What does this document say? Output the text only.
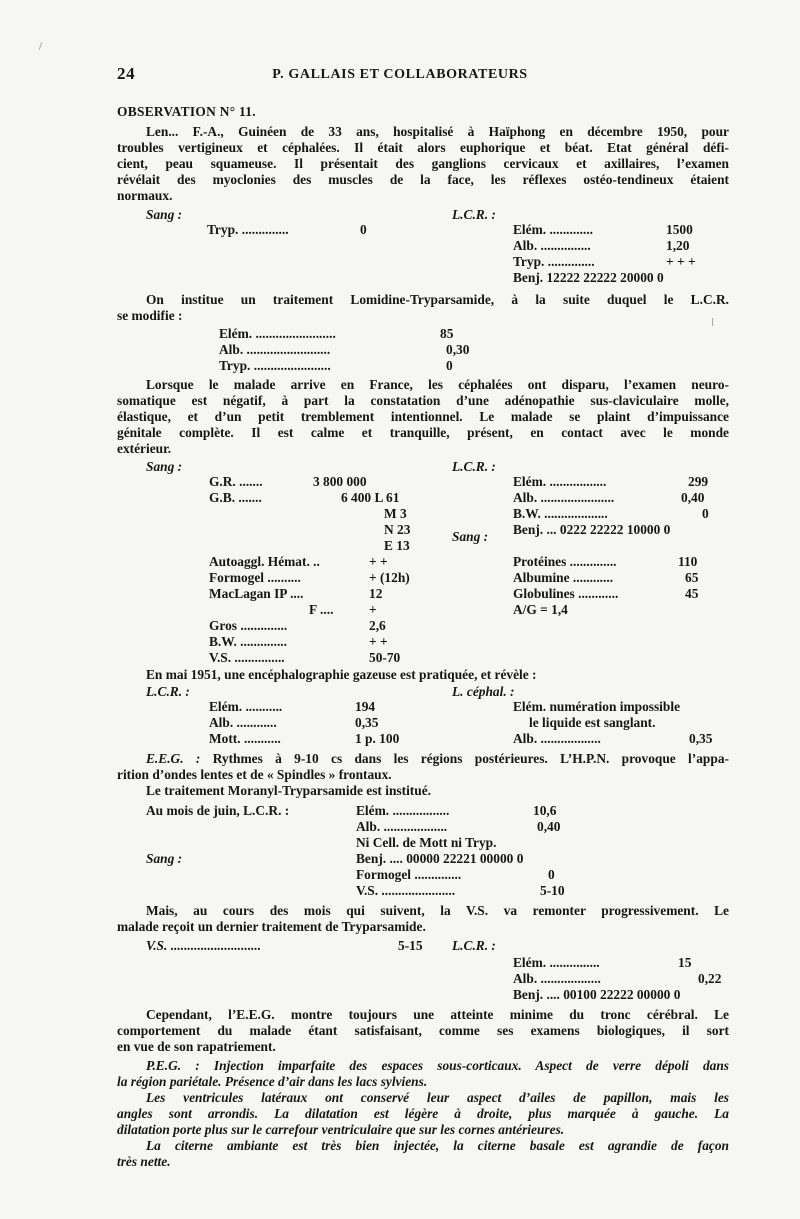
24	P. GALLAIS ET COLLABORATEURS
OBSERVATION N° 11.
Len... F.-A., Guinéen de 33 ans, hospitalisé à Haïphong en décembre 1950, pour
troubles vertigineux et céphalées. Il était alors euphorique et béat. Etat général défi-
cient, peau squameuse. Il présentait des ganglions cervicaux et axillaires, l’examen
révélait des myoclonies des muscles de la face, les réflexes ostéo-tendineux étaient
normaux.
Sang :	L.C.R. :
Tryp. ..............	0	Elém. .............	1500
Alb. ...............	1,20
Tryp. ..............	+ + +
Benj. 12222 22222 20000 0
On institue un traitement Lomidine-Tryparsamide, à la suite duquel le L.C.R.
se modifie :
Elém. ........................	85
Alb. .........................	0,30
Tryp. .......................	0
Lorsque le malade arrive en France, les céphalées ont disparu, l’examen neuro-
somatique est négatif, à part la constatation d’une adénopathie sus-claviculaire molle,
élastique, et d’un petit tremblement intentionnel. Le malade se plaint d’impuissance
génitale complète. Il est calme et tranquille, présent, en contact avec le monde
extérieur.
Sang :	L.C.R. :
Sang :
G.R. .......	3 800 000
G.B. .......	6 400 L 61
M 3
N 23
E 13
Autoaggl. Hémat. ..	+ +
Formogel ..........	+ (12h)
MacLagan IP ....	12
F ....	+
Gros ..............	2,6
B.W. ..............	+ +
V.S. ...............	50-70
Elém. .................	299
Alb. ......................	0,40
B.W. ...................	0
Benj. ... 0222 22222 10000 0
Protéines ..............	110
Albumine ............	65
Globulines ............	45
A/G = 1,4
En mai 1951, une encéphalographie gazeuse est pratiquée, et révèle :
L.C.R. :	L. céphal. :
Elém. ...........	194
Alb. ............	0,35
Mott. ...........	1 p. 100
Elém. numération impossible
le liquide est sanglant.
Alb. ..................	0,35
E.E.G. : Rythmes à 9-10 cs dans les régions postérieures. L’H.P.N. provoque l’appa-
rition d’ondes lentes et de « Spindles » frontaux.
Le traitement Moranyl-Tryparsamide est institué.
Au mois de juin, L.C.R. :
Sang :
Elém. .................	10,6
Alb. ...................	0,40
Ni Cell. de Mott ni Tryp.
Benj. .... 00000 22221 00000 0
Formogel ..............	0
V.S. ......................	5-10
Mais, au cours des mois qui suivent, la V.S. va remonter progressivement. Le
malade reçoit un dernier traitement de Tryparsamide.
V.S. ...........................	5-15 L.C.R. :
Elém. ...............	15
Alb. ..................	0,22
Benj. .... 00100 22222 00000 0
Cependant, l’E.E.G. montre toujours une atteinte minime du tronc cérébral. Le
comportement du malade étant satisfaisant, comme ses examens biologiques, il sort
en vue de son rapatriement.
P.E.G. : Injection imparfaite des espaces sous-corticaux. Aspect de verre dépoli dans
la région pariétale. Présence d’air dans les lacs sylviens.
Les ventricules latéraux ont conservé leur aspect d’ailes de papillon, mais les
angles sont arrondis. La dilatation est légère à droite, plus marquée à gauche. La
dilatation porte plus sur le carrefour ventriculaire que sur les cornes antérieures.
La citerne ambiante est très bien injectée, la citerne basale est agrandie de façon
très nette.
